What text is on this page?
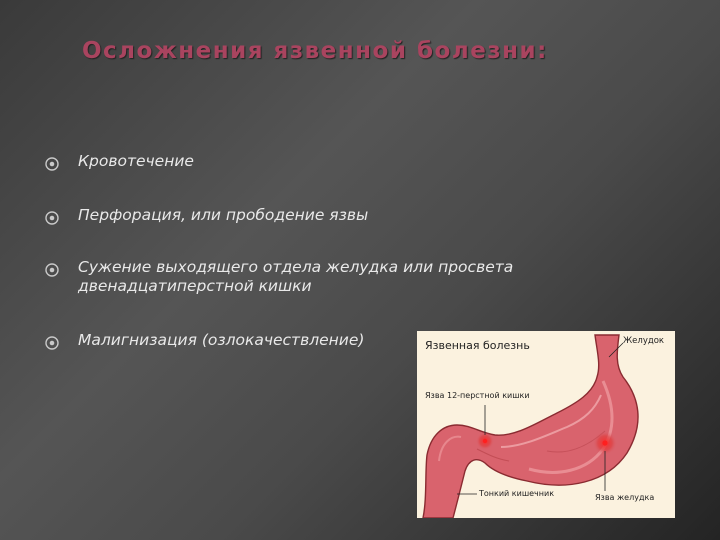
Осложнения язвенной болезни:
Кровотечение
Перфорация, или прободение язвы
Сужение выходящего отдела желудка или просвета двенадцатиперстной кишки
Малигнизация (озлокачествление)	Язвенная болезнь	Желудок
Язва 12-перстной кишки
Тонкий кишечник	Язва желудка
